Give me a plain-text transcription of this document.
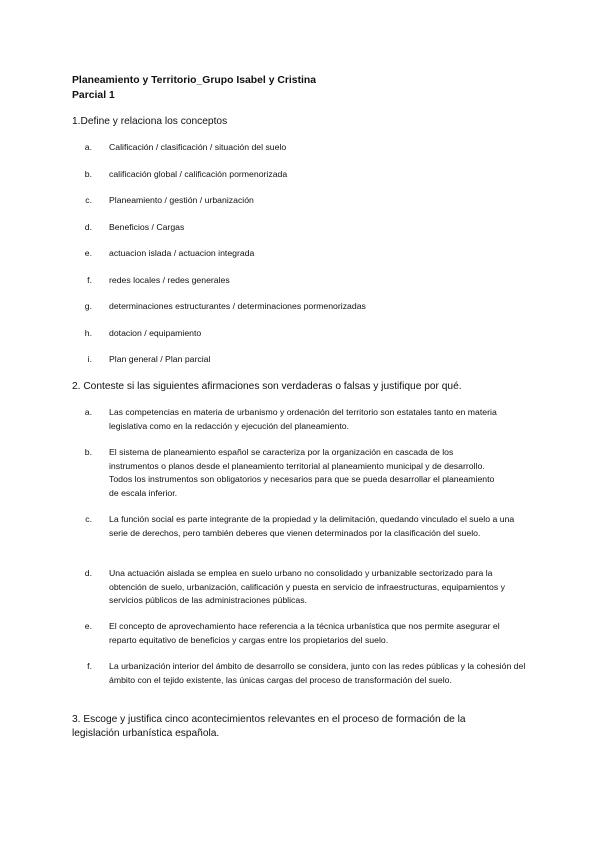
Planeamiento y Territorio_Grupo Isabel y Cristina
Parcial 1
1.Define y relaciona los conceptos
a. Calificación / clasificación / situación del suelo
b. calificación global / calificación pormenorizada
c. Planeamiento / gestión / urbanización
d. Beneficios / Cargas
e. actuacion islada / actuacion integrada
f. redes locales / redes generales
g. determinaciones estructurantes / determinaciones pormenorizadas
h. dotacion / equipamiento
i. Plan general / Plan parcial
2. Conteste si las siguientes afirmaciones son verdaderas o falsas y justifique por qué.
a. Las competencias en materia de urbanismo y ordenación del territorio son estatales tanto en materia legislativa como en la redacción y ejecución del planeamiento.
b. El sistema de planeamiento español se caracteriza por la organización en cascada de los instrumentos o planos desde el planeamiento territorial al planeamiento municipal y de desarrollo. Todos los instrumentos son obligatorios y necesarios para que se pueda desarrollar el planeamiento de escala inferior.
c. La función social es parte integrante de la propiedad y la delimitación, quedando vinculado el suelo a una serie de derechos, pero también deberes que vienen determinados por la clasificación del suelo.
d. Una actuación aislada se emplea en suelo urbano no consolidado y urbanizable sectorizado para la obtención de suelo, urbanización, calificación y puesta en servicio de infraestructuras, equipamientos y servicios públicos de las administraciones públicas.
e. El concepto de aprovechamiento hace referencia a la técnica urbanística que nos permite asegurar el reparto equitativo de beneficios y cargas entre los propietarios del suelo.
f. La urbanización interior del ámbito de desarrollo se considera, junto con las redes públicas y la cohesión del ámbito con el tejido existente, las únicas cargas del proceso de transformación del suelo.
3. Escoge y justifica cinco acontecimientos relevantes en el proceso de formación de la legislación urbanística española.
